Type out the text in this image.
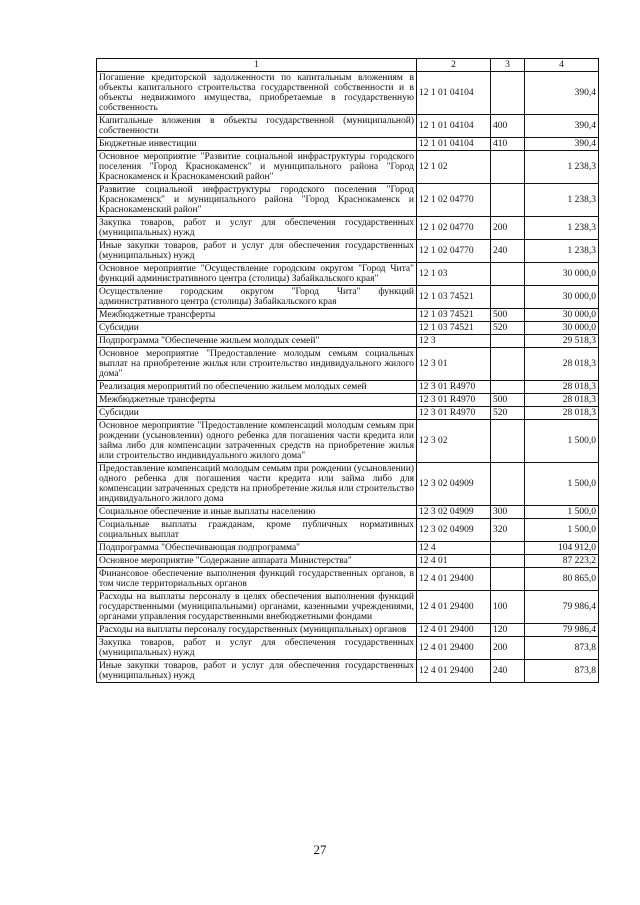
1	2	3	4
Погашение кредиторской задолженности по капитальным вложениям в объекты капитального строительства государственной собственности и в объекты недвижимого имущества, приобретаемые в государственную собственность	12 1 01 04104		390,4
Капитальные вложения в объекты государственной (муниципальной) собственности	12 1 01 04104	400	390,4
Бюджетные инвестиции	12 1 01 04104	410	390,4
Основное мероприятие "Развитие социальной инфраструктуры городского поселения "Город Краснокаменск" и муниципального района "Город Краснокаменск и Краснокаменский район"	12 1 02		1 238,3
Развитие социальной инфраструктуры городского поселения "Город Краснокаменск" и муниципального района "Город Краснокаменск и Краснокаменский район"	12 1 02 04770		1 238,3
Закупка товаров, работ и услуг для обеспечения государственных (муниципальных) нужд	12 1 02 04770	200	1 238,3
Иные закупки товаров, работ и услуг для обеспечения государственных (муниципальных) нужд	12 1 02 04770	240	1 238,3
Основное мероприятие "Осуществление городским округом "Город Чита" функций административного центра (столицы) Забайкальского края"	12 1 03		30 000,0
Осуществление городским округом "Город Чита" функций административного центра (столицы) Забайкальского края	12 1 03 74521		30 000,0
Межбюджетные трансферты	12 1 03 74521	500	30 000,0
Субсидии	12 1 03 74521	520	30 000,0
Подпрограмма "Обеспечение жильем молодых семей"	12 3		29 518,3
Основное мероприятие "Предоставление молодым семьям социальных выплат на приобретение жилья или строительство индивидуального жилого дома"	12 3 01		28 018,3
Реализация мероприятий по обеспечению жильем молодых семей	12 3 01 R4970		28 018,3
Межбюджетные трансферты	12 3 01 R4970	500	28 018,3
Субсидии	12 3 01 R4970	520	28 018,3
Основное мероприятие "Предоставление компенсаций молодым семьям при рождении (усыновлении) одного ребенка для погашения части кредита или займа либо для компенсации затраченных средств на приобретение жилья или строительство индивидуального жилого дома"	12 3 02		1 500,0
Предоставление компенсаций молодым семьям при рождении (усыновлении) одного ребенка для погашения части кредита или займа либо для компенсации затраченных средств на приобретение жилья или строительство индивидуального жилого дома	12 3 02 04909		1 500,0
Социальное обеспечение и иные выплаты населению	12 3 02 04909	300	1 500,0
Социальные выплаты гражданам, кроме публичных нормативных социальных выплат	12 3 02 04909	320	1 500,0
Подпрограмма "Обеспечивающая подпрограмма"	12 4		104 912,0
Основное мероприятие "Содержание аппарата Министерства"	12 4 01		87 223,2
Финансовое обеспечение выполнения функций государственных органов, в том числе территориальных органов	12 4 01 29400		80 865,0
Расходы на выплаты персоналу в целях обеспечения выполнения функций государственными (муниципальными) органами, казенными учреждениями, органами управления государственными внебюджетными фондами	12 4 01 29400	100	79 986,4
Расходы на выплаты персоналу государственных (муниципальных) органов	12 4 01 29400	120	79 986,4
Закупка товаров, работ и услуг для обеспечения государственных (муниципальных) нужд	12 4 01 29400	200	873,8
Иные закупки товаров, работ и услуг для обеспечения государственных (муниципальных) нужд	12 4 01 29400	240	873,8
27
